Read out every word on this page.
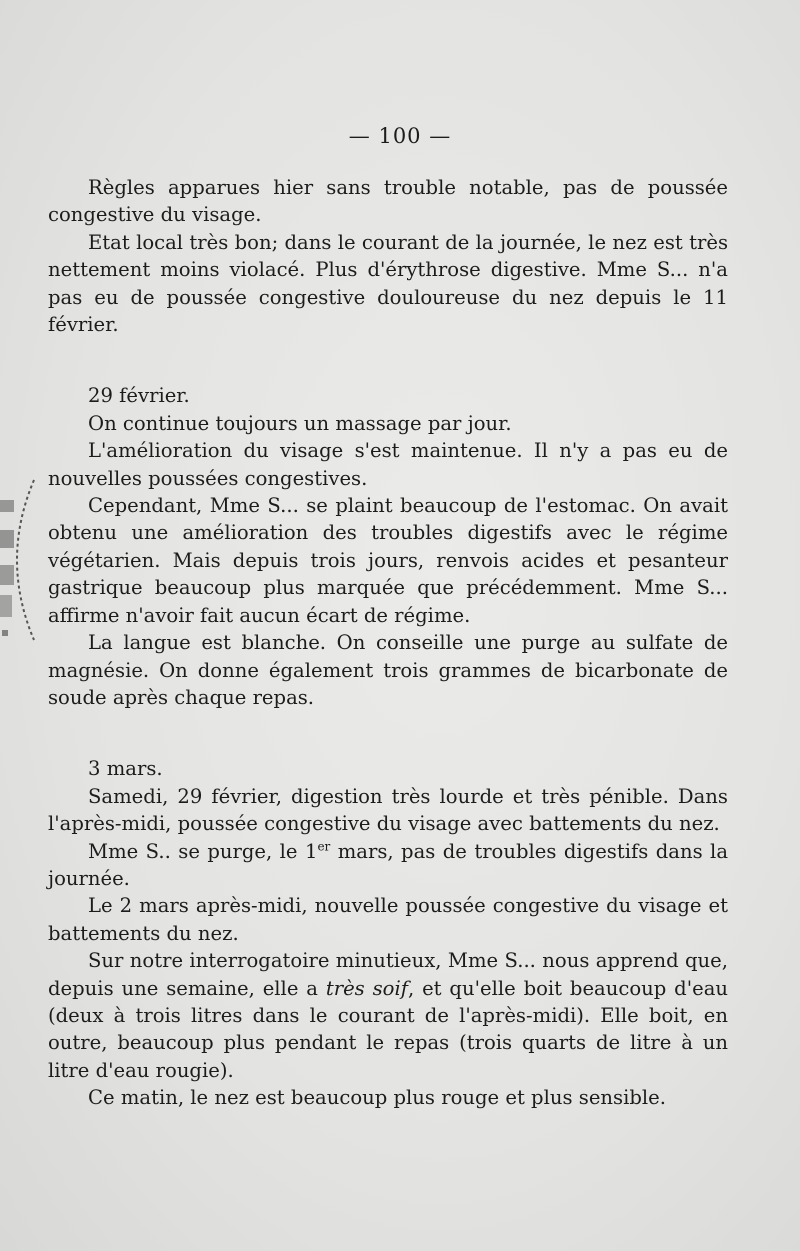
— 100 —

Règles apparues hier sans trouble notable, pas de poussée congestive du visage.

Etat local très bon; dans le courant de la journée, le nez est très nettement moins violacé. Plus d'érythrose digestive. Mme S... n'a pas eu de poussée congestive douloureuse du nez depuis le 11 février.

29 février.

On continue toujours un massage par jour.

L'amélioration du visage s'est maintenue. Il n'y a pas eu de nouvelles poussées congestives.

Cependant, Mme S... se plaint beaucoup de l'estomac. On avait obtenu une amélioration des troubles digestifs avec le régime végétarien. Mais depuis trois jours, renvois acides et pesanteur gastrique beaucoup plus marquée que précédemment. Mme S... affirme n'avoir fait aucun écart de régime.

La langue est blanche. On conseille une purge au sulfate de magnésie. On donne également trois grammes de bicarbonate de soude après chaque repas.

3 mars.

Samedi, 29 février, digestion très lourde et très pénible. Dans l'après-midi, poussée congestive du visage avec battements du nez.

Mme S.. se purge, le 1er mars, pas de troubles digestifs dans la journée.

Le 2 mars après-midi, nouvelle poussée congestive du visage et battements du nez.

Sur notre interrogatoire minutieux, Mme S... nous apprend que, depuis une semaine, elle a très soif, et qu'elle boit beaucoup d'eau (deux à trois litres dans le courant de l'après-midi). Elle boit, en outre, beaucoup plus pendant le repas (trois quarts de litre à un litre d'eau rougie).

Ce matin, le nez est beaucoup plus rouge et plus sensible.
